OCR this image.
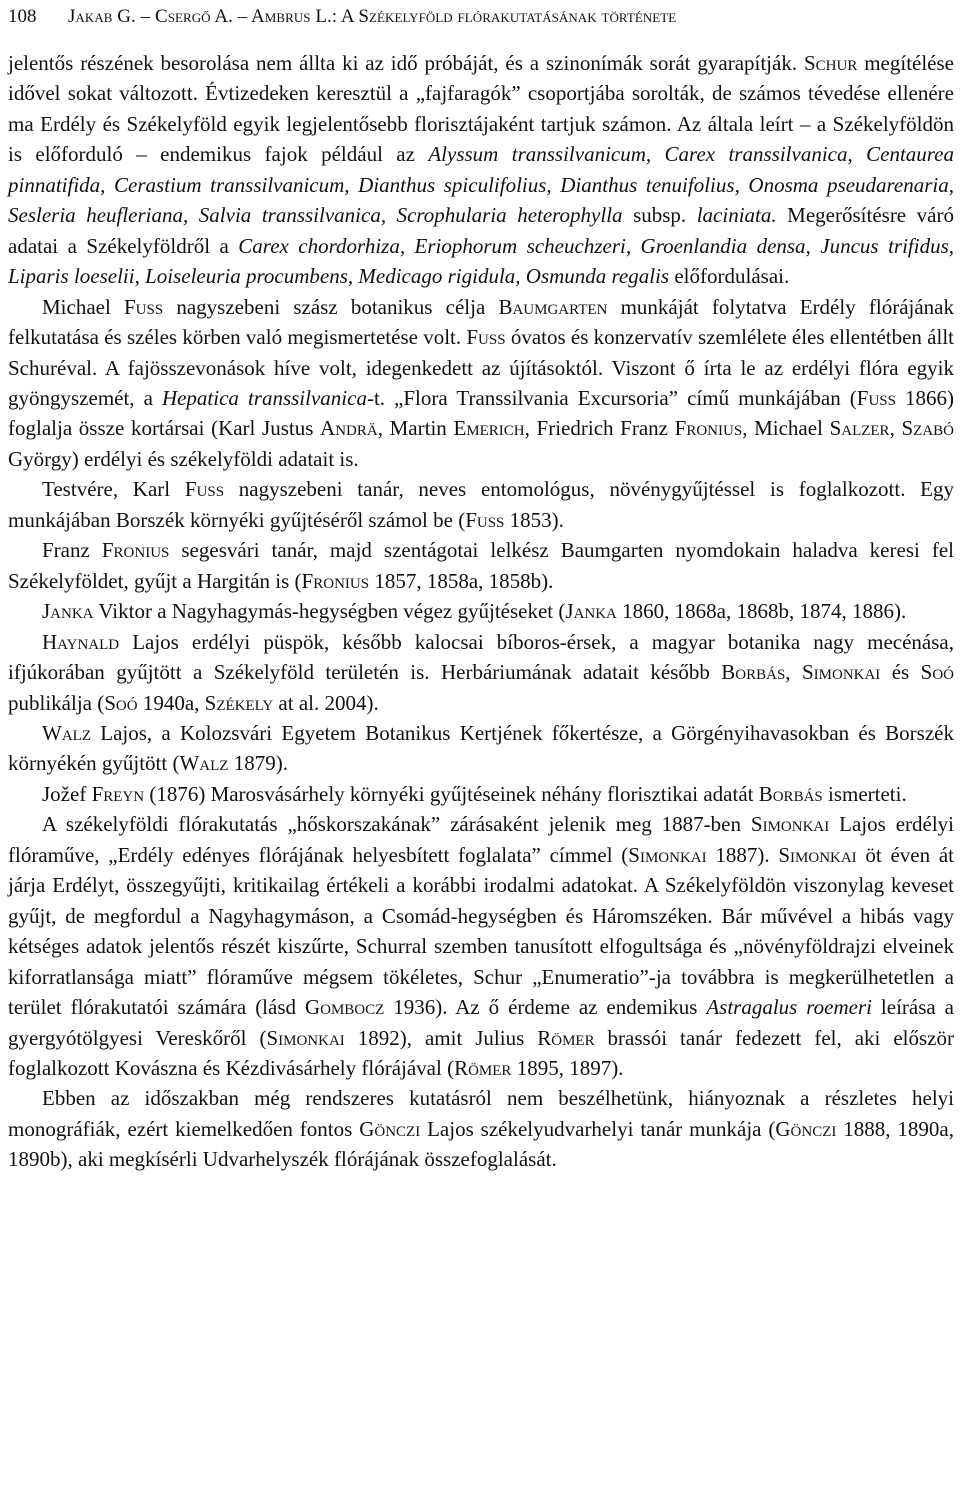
108 Jakab G. – Csergő A. – Ambrus L.: A Székelyföld flórakutatásának története

jelentős részének besorolása nem állta ki az idő próbáját, és a szinonímák sorát gyarapítják. Schur megítélése idővel sokat változott. Évtizedeken keresztül a „fajfaragók” csoportjába sorolták, de számos tévedése ellenére ma Erdély és Székelyföld egyik legjelentősebb florisztájaként tartjuk számon. Az általa leírt – a Székelyföldön is előforduló – endemikus fajok például az Alyssum transsilvanicum, Carex transsilvanica, Centaurea pinnatifida, Cerastium transsilvanicum, Dianthus spiculifolius, Dianthus tenuifolius, Onosma pseudarenaria, Sesleria heufleriana, Salvia transsilvanica, Scrophularia heterophylla subsp. laciniata. Megerősítésre váró adatai a Székelyföldről a Carex chordorhiza, Eriophorum scheuchzeri, Groenlandia densa, Juncus trifidus, Liparis loeselii, Loiseleuria procumbens, Medicago rigidula, Osmunda regalis előfordulásai.

Michael Fuss nagyszebeni szász botanikus célja Baumgarten munkáját folytatva Erdély flórájának felkutatása és széles körben való megismertetése volt. Fuss óvatos és konzervatív szemlélete éles ellentétben állt Schuréval. A fajösszevonások híve volt, idegenkedett az újításoktól. Viszont ő írta le az erdélyi flóra egyik gyöngyszemét, a Hepatica transsilvanica-t. „Flora Transsilvania Excursoria” című munkájában (Fuss 1866) foglalja össze kortársai (Karl Justus Andrä, Martin Emerich, Friedrich Franz Fronius, Michael Salzer, Szabó György) erdélyi és székelyföldi adatait is.

Testvére, Karl Fuss nagyszebeni tanár, neves entomológus, növénygyűjtéssel is foglalkozott. Egy munkájában Borszék környéki gyűjtéséről számol be (Fuss 1853).

Franz Fronius segesvári tanár, majd szentágotai lelkész Baumgarten nyomdokain haladva keresi fel Székelyföldet, gyűjt a Hargitán is (Fronius 1857, 1858a, 1858b).

Janka Viktor a Nagyhagymás-hegységben végez gyűjtéseket (Janka 1860, 1868a, 1868b, 1874, 1886).

Haynald Lajos erdélyi püspök, később kalocsai bíboros-érsek, a magyar botanika nagy mecénása, ifjúkorában gyűjtött a Székelyföld területén is. Herbáriumának adatait később Borbás, Simonkai és Soó publikálja (Soó 1940a, Székely at al. 2004).

Walz Lajos, a Kolozsvári Egyetem Botanikus Kertjének főkertésze, a Görgényihavasokban és Borszék környékén gyűjtött (Walz 1879).

Jožef Freyn (1876) Marosvásárhely környéki gyűjtéseinek néhány florisztikai adatát Borbás ismerteti.

A székelyföldi flórakutatás „hőskorszakának” zárásaként jelenik meg 1887-ben Simonkai Lajos erdélyi flóraműve, „Erdély edényes flórájának helyesbített foglalata” címmel (Simonkai 1887). Simonkai öt éven át járja Erdélyt, összegyűjti, kritikailag értékeli a korábbi irodalmi adatokat. A Székelyföldön viszonylag keveset gyűjt, de megfordul a Nagyhagymáson, a Csomád-hegységben és Háromszéken. Bár művével a hibás vagy kétséges adatok jelentős részét kiszűrte, Schurral szemben tanusított elfogultsága és „növényföldrajzi elveinek kiforratlansága miatt” flóraműve mégsem tökéletes, Schur „Enumeratio”-ja továbbra is megkerülhetetlen a terület flórakutatói számára (lásd Gombocz 1936). Az ő érdeme az endemikus Astragalus roemeri leírása a gyergyótölgyesi Vereskőről (Simonkai 1892), amit Julius Römer brassói tanár fedezett fel, aki először foglalkozott Kovászna és Kézdivásárhely flórájával (Römer 1895, 1897).

Ebben az időszakban még rendszeres kutatásról nem beszélhetünk, hiányoznak a részletes helyi monográfiák, ezért kiemelkedően fontos Gönczi Lajos székelyudvarhelyi tanár munkája (Gönczi 1888, 1890a, 1890b), aki megkísérli Udvarhelyszék flórájának összefoglalását.
